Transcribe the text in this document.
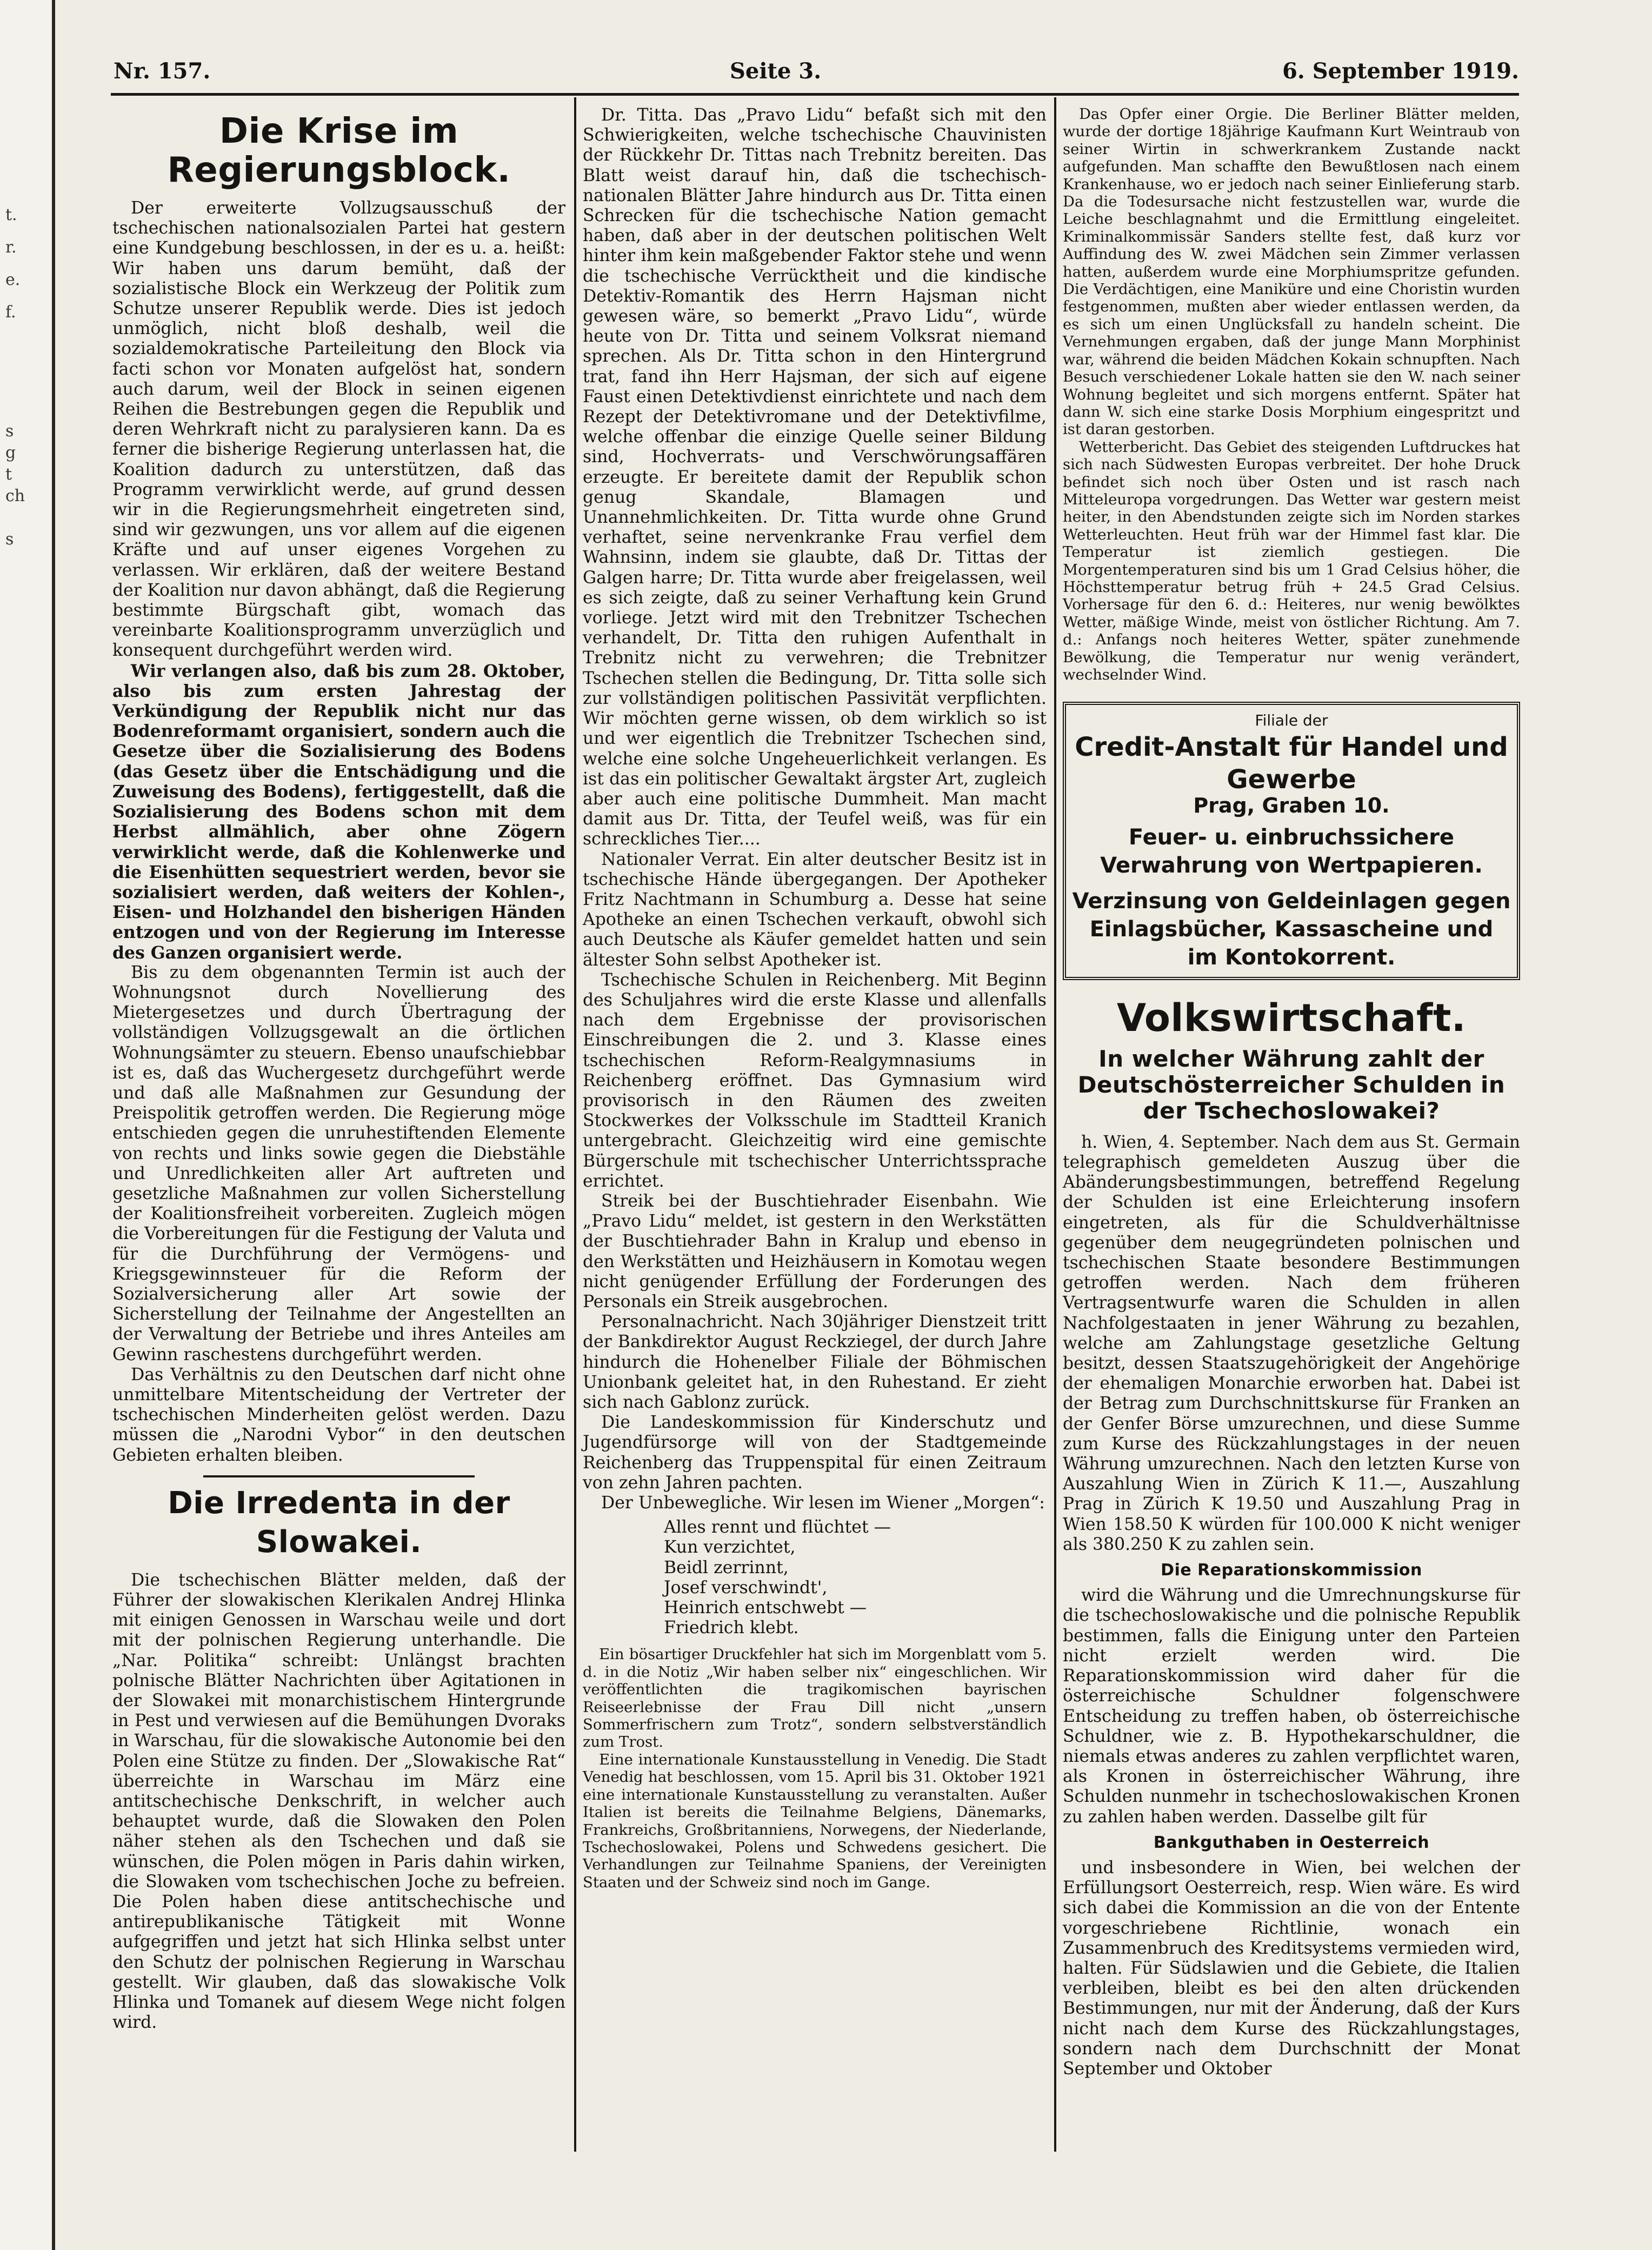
t.
r.
e.
f.
s
g
t
ch
s
Nr. 157.	Seite 3.	6. September 1919.
Die Krise im Regierungsblock.

Der erweiterte Vollzugsausschuß der tschechischen nationalsozialen Partei hat gestern eine Kundgebung beschlossen, in der es u. a. heißt: Wir haben uns darum bemüht, daß der sozialistische Block ein Werkzeug der Politik zum Schutze unserer Republik werde. Dies ist jedoch unmöglich, nicht bloß deshalb, weil die sozialdemokratische Parteileitung den Block via facti schon vor Monaten aufgelöst hat, sondern auch darum, weil der Block in seinen eigenen Reihen die Bestrebungen gegen die Republik und deren Wehrkraft nicht zu paralysieren kann. Da es ferner die bisherige Regierung unterlassen hat, die Koalition dadurch zu unterstützen, daß das Programm verwirklicht werde, auf grund dessen wir in die Regierungsmehrheit eingetreten sind, sind wir gezwungen, uns vor allem auf die eigenen Kräfte und auf unser eigenes Vorgehen zu verlassen. Wir erklären, daß der weitere Bestand der Koalition nur davon abhängt, daß die Regierung bestimmte Bürgschaft gibt, womach das vereinbarte Koalitionsprogramm unverzüglich und konsequent durchgeführt werden wird.

Wir verlangen also, daß bis zum 28. Oktober, also bis zum ersten Jahrestag der Verkündigung der Republik nicht nur das Bodenreformamt organisiert, sondern auch die Gesetze über die Sozialisierung des Bodens (das Gesetz über die Entschädigung und die Zuweisung des Bodens), fertiggestellt, daß die Sozialisierung des Bodens schon mit dem Herbst allmählich, aber ohne Zögern verwirklicht werde, daß die Kohlenwerke und die Eisenhütten sequestriert werden, bevor sie sozialisiert werden, daß weiters der Kohlen-, Eisen- und Holzhandel den bisherigen Händen entzogen und von der Regierung im Interesse des Ganzen organisiert werde.

Bis zu dem obgenannten Termin ist auch der Wohnungsnot durch Novellierung des Mietergesetzes und durch Übertragung der vollständigen Vollzugsgewalt an die örtlichen Wohnungsämter zu steuern. Ebenso unaufschiebbar ist es, daß das Wuchergesetz durchgeführt werde und daß alle Maßnahmen zur Gesundung der Preispolitik getroffen werden. Die Regierung möge entschieden gegen die unruhestiftenden Elemente von rechts und links sowie gegen die Diebstähle und Unredlichkeiten aller Art auftreten und gesetzliche Maßnahmen zur vollen Sicherstellung der Koalitionsfreiheit vorbereiten. Zugleich mögen die Vorbereitungen für die Festigung der Valuta und für die Durchführung der Vermögens- und Kriegsgewinnsteuer für die Reform der Sozialversicherung aller Art sowie der Sicherstellung der Teilnahme der Angestellten an der Verwaltung der Betriebe und ihres Anteiles am Gewinn raschestens durchgeführt werden.

Das Verhältnis zu den Deutschen darf nicht ohne unmittelbare Mitentscheidung der Vertreter der tschechischen Minderheiten gelöst werden. Dazu müssen die „Narodni Vybor“ in den deutschen Gebieten erhalten bleiben.

Die Irredenta in der Slowakei.

Die tschechischen Blätter melden, daß der Führer der slowakischen Klerikalen Andrej Hlinka mit einigen Genossen in Warschau weile und dort mit der polnischen Regierung unterhandle. Die „Nar. Politika“ schreibt: Unlängst brachten polnische Blätter Nachrichten über Agitationen in der Slowakei mit monarchistischem Hintergrunde in Pest und verwiesen auf die Bemühungen Dvoraks in Warschau, für die slowakische Autonomie bei den Polen eine Stütze zu finden. Der „Slowakische Rat“ überreichte in Warschau im März eine antitschechische Denkschrift, in welcher auch behauptet wurde, daß die Slowaken den Polen näher stehen als den Tschechen und daß sie wünschen, die Polen mögen in Paris dahin wirken, die Slowaken vom tschechischen Joche zu befreien. Die Polen haben diese antitschechische und antirepublikanische Tätigkeit mit Wonne aufgegriffen und jetzt hat sich Hlinka selbst unter den Schutz der polnischen Regierung in Warschau gestellt. Wir glauben, daß das slowakische Volk Hlinka und Tomanek auf diesem Wege nicht folgen wird.

Dr. Titta. Das „Pravo Lidu“ befaßt sich mit den Schwierigkeiten, welche tschechische Chauvinisten der Rückkehr Dr. Tittas nach Trebnitz bereiten. Das Blatt weist darauf hin, daß die tschechisch-nationalen Blätter Jahre hindurch aus Dr. Titta einen Schrecken für die tschechische Nation gemacht haben, daß aber in der deutschen politischen Welt hinter ihm kein maßgebender Faktor stehe und wenn die tschechische Verrücktheit und die kindische Detektiv-Romantik des Herrn Hajsman nicht gewesen wäre, so bemerkt „Pravo Lidu“, würde heute von Dr. Titta und seinem Volksrat niemand sprechen. Als Dr. Titta schon in den Hintergrund trat, fand ihn Herr Hajsman, der sich auf eigene Faust einen Detektivdienst einrichtete und nach dem Rezept der Detektivromane und der Detektivfilme, welche offenbar die einzige Quelle seiner Bildung sind, Hochverrats- und Verschwörungsaffären erzeugte. Er bereitete damit der Republik schon genug Skandale, Blamagen und Unannehmlichkeiten. Dr. Titta wurde ohne Grund verhaftet, seine nervenkranke Frau verfiel dem Wahnsinn, indem sie glaubte, daß Dr. Tittas der Galgen harre; Dr. Titta wurde aber freigelassen, weil es sich zeigte, daß zu seiner Verhaftung kein Grund vorliege. Jetzt wird mit den Trebnitzer Tschechen verhandelt, Dr. Titta den ruhigen Aufenthalt in Trebnitz nicht zu verwehren; die Trebnitzer Tschechen stellen die Bedingung, Dr. Titta solle sich zur vollständigen politischen Passivität verpflichten. Wir möchten gerne wissen, ob dem wirklich so ist und wer eigentlich die Trebnitzer Tschechen sind, welche eine solche Ungeheuerlichkeit verlangen. Es ist das ein politischer Gewaltakt ärgster Art, zugleich aber auch eine politische Dummheit. Man macht damit aus Dr. Titta, der Teufel weiß, was für ein schreckliches Tier....

Nationaler Verrat. Ein alter deutscher Besitz ist in tschechische Hände übergegangen. Der Apotheker Fritz Nachtmann in Schumburg a. Desse hat seine Apotheke an einen Tschechen verkauft, obwohl sich auch Deutsche als Käufer gemeldet hatten und sein ältester Sohn selbst Apotheker ist.

Tschechische Schulen in Reichenberg. Mit Beginn des Schuljahres wird die erste Klasse und allenfalls nach dem Ergebnisse der provisorischen Einschreibungen die 2. und 3. Klasse eines tschechischen Reform-Realgymnasiums in Reichenberg eröffnet. Das Gymnasium wird provisorisch in den Räumen des zweiten Stockwerkes der Volksschule im Stadtteil Kranich untergebracht. Gleichzeitig wird eine gemischte Bürgerschule mit tschechischer Unterrichtssprache errichtet.

Streik bei der Buschtiehrader Eisenbahn. Wie „Pravo Lidu“ meldet, ist gestern in den Werkstätten der Buschtiehrader Bahn in Kralup und ebenso in den Werkstätten und Heizhäusern in Komotau wegen nicht genügender Erfüllung der Forderungen des Personals ein Streik ausgebrochen.

Personalnachricht. Nach 30jähriger Dienstzeit tritt der Bankdirektor August Reckziegel, der durch Jahre hindurch die Hohenelber Filiale der Böhmischen Unionbank geleitet hat, in den Ruhestand. Er zieht sich nach Gablonz zurück.

Die Landeskommission für Kinderschutz und Jugendfürsorge will von der Stadtgemeinde Reichenberg das Truppenspital für einen Zeitraum von zehn Jahren pachten.

Der Unbewegliche. Wir lesen im Wiener „Morgen“:

Alles rennt und flüchtet —
Kun verzichtet,
Beidl zerrinnt,
Josef verschwindt',
Heinrich entschwebt —
Friedrich klebt.

Ein bösartiger Druckfehler hat sich im Morgenblatt vom 5. d. in die Notiz „Wir haben selber nix“ eingeschlichen. Wir veröffentlichten die tragikomischen bayrischen Reiseerlebnisse der Frau Dill nicht „unsern Sommerfrischern zum Trotz“, sondern selbstverständlich zum Trost.

Eine internationale Kunstausstellung in Venedig. Die Stadt Venedig hat beschlossen, vom 15. April bis 31. Oktober 1921 eine internationale Kunstausstellung zu veranstalten. Außer Italien ist bereits die Teilnahme Belgiens, Dänemarks, Frankreichs, Großbritanniens, Norwegens, der Niederlande, Tschechoslowakei, Polens und Schwedens gesichert. Die Verhandlungen zur Teilnahme Spaniens, der Vereinigten Staaten und der Schweiz sind noch im Gange.

Das Opfer einer Orgie. Die Berliner Blätter melden, wurde der dortige 18jährige Kaufmann Kurt Weintraub von seiner Wirtin in schwerkrankem Zustande nackt aufgefunden. Man schaffte den Bewußtlosen nach einem Krankenhause, wo er jedoch nach seiner Einlieferung starb. Da die Todesursache nicht festzustellen war, wurde die Leiche beschlagnahmt und die Ermittlung eingeleitet. Kriminalkommissär Sanders stellte fest, daß kurz vor Auffindung des W. zwei Mädchen sein Zimmer verlassen hatten, außerdem wurde eine Morphiumspritze gefunden. Die Verdächtigen, eine Maniküre und eine Choristin wurden festgenommen, mußten aber wieder entlassen werden, da es sich um einen Unglücksfall zu handeln scheint. Die Vernehmungen ergaben, daß der junge Mann Morphinist war, während die beiden Mädchen Kokain schnupften. Nach Besuch verschiedener Lokale hatten sie den W. nach seiner Wohnung begleitet und sich morgens entfernt. Später hat dann W. sich eine starke Dosis Morphium eingespritzt und ist daran gestorben.

Wetterbericht. Das Gebiet des steigenden Luftdruckes hat sich nach Südwesten Europas verbreitet. Der hohe Druck befindet sich noch über Osten und ist rasch nach Mitteleuropa vorgedrungen. Das Wetter war gestern meist heiter, in den Abendstunden zeigte sich im Norden starkes Wetterleuchten. Heut früh war der Himmel fast klar. Die Temperatur ist ziemlich gestiegen. Die Morgentemperaturen sind bis um 1 Grad Celsius höher, die Höchsttemperatur betrug früh + 24.5 Grad Celsius. Vorhersage für den 6. d.: Heiteres, nur wenig bewölktes Wetter, mäßige Winde, meist von östlicher Richtung. Am 7. d.: Anfangs noch heiteres Wetter, später zunehmende Bewölkung, die Temperatur nur wenig verändert, wechselnder Wind.

Filiale der
Credit-Anstalt für Handel und Gewerbe
Prag, Graben 10.
Feuer- u. einbruchssichere Verwahrung von Wertpapieren.
Verzinsung von Geldeinlagen gegen Einlagsbücher, Kassascheine und im Kontokorrent.
Volkswirtschaft.
In welcher Währung zahlt der Deutschösterreicher Schulden in der Tschechoslowakei?

h. Wien, 4. September. Nach dem aus St. Germain telegraphisch gemeldeten Auszug über die Abänderungsbestimmungen, betreffend Regelung der Schulden ist eine Erleichterung insofern eingetreten, als für die Schuldverhältnisse gegenüber dem neugegründeten polnischen und tschechischen Staate besondere Bestimmungen getroffen werden. Nach dem früheren Vertragsentwurfe waren die Schulden in allen Nachfolgestaaten in jener Währung zu bezahlen, welche am Zahlungstage gesetzliche Geltung besitzt, dessen Staatszugehörigkeit der Angehörige der ehemaligen Monarchie erworben hat. Dabei ist der Betrag zum Durchschnittskurse für Franken an der Genfer Börse umzurechnen, und diese Summe zum Kurse des Rückzahlungstages in der neuen Währung umzurechnen. Nach den letzten Kurse von Auszahlung Wien in Zürich K 11.—, Auszahlung Prag in Zürich K 19.50 und Auszahlung Prag in Wien 158.50 K würden für 100.000 K nicht weniger als 380.250 K zu zahlen sein.

Die Reparationskommission

wird die Währung und die Umrechnungskurse für die tschechoslowakische und die polnische Republik bestimmen, falls die Einigung unter den Parteien nicht erzielt werden wird. Die Reparationskommission wird daher für die österreichische Schuldner folgenschwere Entscheidung zu treffen haben, ob österreichische Schuldner, wie z. B. Hypothekarschuldner, die niemals etwas anderes zu zahlen verpflichtet waren, als Kronen in österreichischer Währung, ihre Schulden nunmehr in tschechoslowakischen Kronen zu zahlen haben werden. Dasselbe gilt für

Bankguthaben in Oesterreich

und insbesondere in Wien, bei welchen der Erfüllungsort Oesterreich, resp. Wien wäre. Es wird sich dabei die Kommission an die von der Entente vorgeschriebene Richtlinie, wonach ein Zusammenbruch des Kreditsystems vermieden wird, halten. Für Südslawien und die Gebiete, die Italien verbleiben, bleibt es bei den alten drückenden Bestimmungen, nur mit der Änderung, daß der Kurs nicht nach dem Kurse des Rückzahlungstages, sondern nach dem Durchschnitt der Monat September und Oktober
